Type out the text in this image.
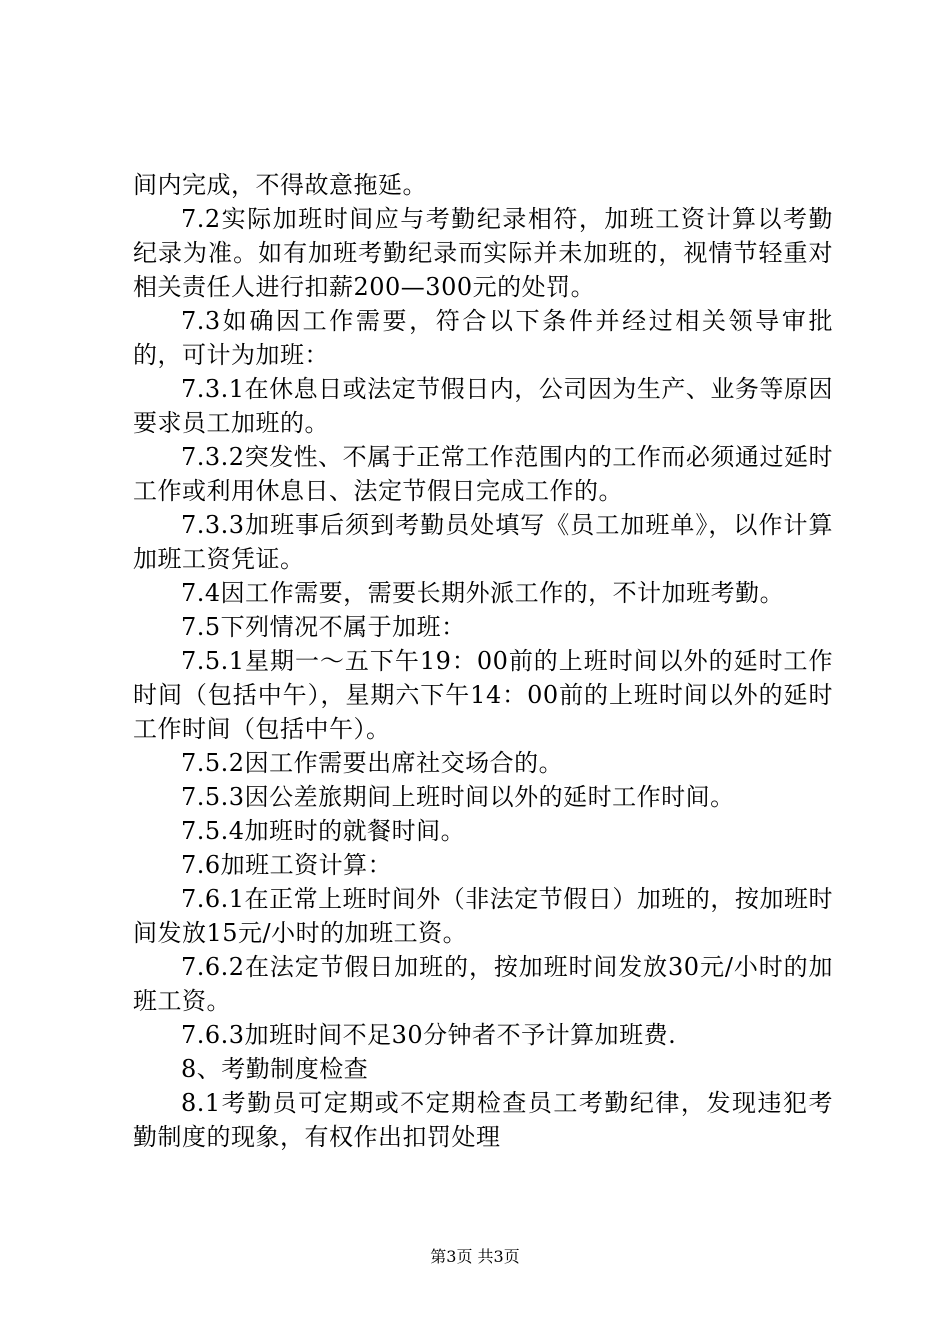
间内完成，不得故意拖延。

7.2实际加班时间应与考勤纪录相符，加班工资计算以考勤纪录为准。如有加班考勤纪录而实际并未加班的，视情节轻重对相关责任人进行扣薪200—300元的处罚。

7.3如确因工作需要，符合以下条件并经过相关领导审批的，可计为加班：

7.3.1在休息日或法定节假日内，公司因为生产、业务等原因要求员工加班的。

7.3.2突发性、不属于正常工作范围内的工作而必须通过延时工作或利用休息日、法定节假日完成工作的。

7.3.3加班事后须到考勤员处填写《员工加班单》，以作计算加班工资凭证。

7.4因工作需要，需要长期外派工作的，不计加班考勤。

7.5下列情况不属于加班：

7.5.1星期一～五下午19：00前的上班时间以外的延时工作时间（包括中午），星期六下午14：00前的上班时间以外的延时工作时间（包括中午）。

7.5.2因工作需要出席社交场合的。

7.5.3因公差旅期间上班时间以外的延时工作时间。

7.5.4加班时的就餐时间。

7.6加班工资计算：

7.6.1在正常上班时间外（非法定节假日）加班的，按加班时间发放15元/小时的加班工资。

7.6.2在法定节假日加班的，按加班时间发放30元/小时的加班工资。

7.6.3加班时间不足30分钟者不予计算加班费.

8、考勤制度检查

8.1考勤员可定期或不定期检查员工考勤纪律，发现违犯考勤制度的现象，有权作出扣罚处理

第3页 共3页
